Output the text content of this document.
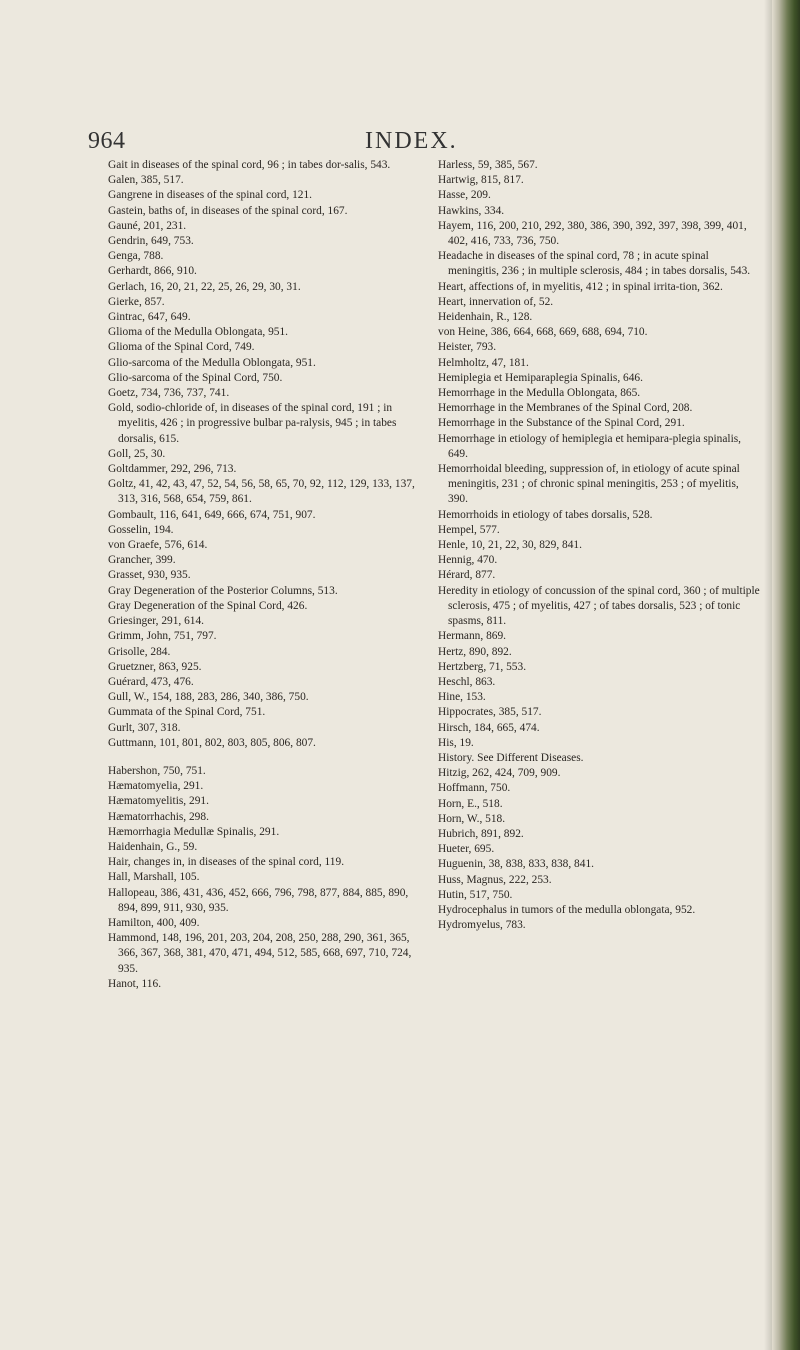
964	INDEX.

Gait in diseases of the spinal cord, 96 ; in tabes dor-salis, 543.

Galen, 385, 517.

Gangrene in diseases of the spinal cord, 121.

Gastein, baths of, in diseases of the spinal cord, 167.

Gauné, 201, 231.

Gendrin, 649, 753.

Genga, 788.

Gerhardt, 866, 910.

Gerlach, 16, 20, 21, 22, 25, 26, 29, 30, 31.

Gierke, 857.

Gintrac, 647, 649.

Glioma of the Medulla Oblongata, 951.

Glioma of the Spinal Cord, 749.

Glio-sarcoma of the Medulla Oblongata, 951.

Glio-sarcoma of the Spinal Cord, 750.

Goetz, 734, 736, 737, 741.

Gold, sodio-chloride of, in diseases of the spinal cord, 191 ; in myelitis, 426 ; in progressive bulbar pa-ralysis, 945 ; in tabes dorsalis, 615.

Goll, 25, 30.

Goltdammer, 292, 296, 713.

Goltz, 41, 42, 43, 47, 52, 54, 56, 58, 65, 70, 92, 112, 129, 133, 137, 313, 316, 568, 654, 759, 861.

Gombault, 116, 641, 649, 666, 674, 751, 907.

Gosselin, 194.

von Graefe, 576, 614.

Grancher, 399.

Grasset, 930, 935.

Gray Degeneration of the Posterior Columns, 513.

Gray Degeneration of the Spinal Cord, 426.

Griesinger, 291, 614.

Grimm, John, 751, 797.

Grisolle, 284.

Gruetzner, 863, 925.

Guérard, 473, 476.

Gull, W., 154, 188, 283, 286, 340, 386, 750.

Gummata of the Spinal Cord, 751.

Gurlt, 307, 318.

Guttmann, 101, 801, 802, 803, 805, 806, 807.

Habershon, 750, 751.

Hæmatomyelia, 291.

Hæmatomyelitis, 291.

Hæmatorrhachis, 298.

Hæmorrhagia Medullæ Spinalis, 291.

Haidenhain, G., 59.

Hair, changes in, in diseases of the spinal cord, 119.

Hall, Marshall, 105.

Hallopeau, 386, 431, 436, 452, 666, 796, 798, 877, 884, 885, 890, 894, 899, 911, 930, 935.

Hamilton, 400, 409.

Hammond, 148, 196, 201, 203, 204, 208, 250, 288, 290, 361, 365, 366, 367, 368, 381, 470, 471, 494, 512, 585, 668, 697, 710, 724, 935.

Hanot, 116.

Harless, 59, 385, 567.

Hartwig, 815, 817.

Hasse, 209.

Hawkins, 334.

Hayem, 116, 200, 210, 292, 380, 386, 390, 392, 397, 398, 399, 401, 402, 416, 733, 736, 750.

Headache in diseases of the spinal cord, 78 ; in acute spinal meningitis, 236 ; in multiple sclerosis, 484 ; in tabes dorsalis, 543.

Heart, affections of, in myelitis, 412 ; in spinal irrita-tion, 362.

Heart, innervation of, 52.

Heidenhain, R., 128.

von Heine, 386, 664, 668, 669, 688, 694, 710.

Heister, 793.

Helmholtz, 47, 181.

Hemiplegia et Hemiparaplegia Spinalis, 646.

Hemorrhage in the Medulla Oblongata, 865.

Hemorrhage in the Membranes of the Spinal Cord, 208.

Hemorrhage in the Substance of the Spinal Cord, 291.

Hemorrhage in etiology of hemiplegia et hemipara-plegia spinalis, 649.

Hemorrhoidal bleeding, suppression of, in etiology of acute spinal meningitis, 231 ; of chronic spinal meningitis, 253 ; of myelitis, 390.

Hemorrhoids in etiology of tabes dorsalis, 528.

Hempel, 577.

Henle, 10, 21, 22, 30, 829, 841.

Hennig, 470.

Hérard, 877.

Heredity in etiology of concussion of the spinal cord, 360 ; of multiple sclerosis, 475 ; of myelitis, 427 ; of tabes dorsalis, 523 ; of tonic spasms, 811.

Hermann, 869.

Hertz, 890, 892.

Hertzberg, 71, 553.

Heschl, 863.

Hine, 153.

Hippocrates, 385, 517.

Hirsch, 184, 665, 474.

His, 19.

History. See Different Diseases.

Hitzig, 262, 424, 709, 909.

Hoffmann, 750.

Horn, E., 518.

Horn, W., 518.

Hubrich, 891, 892.

Hueter, 695.

Huguenin, 38, 838, 833, 838, 841.

Huss, Magnus, 222, 253.

Hutin, 517, 750.

Hydrocephalus in tumors of the medulla oblongata, 952.

Hydromyelus, 783.
